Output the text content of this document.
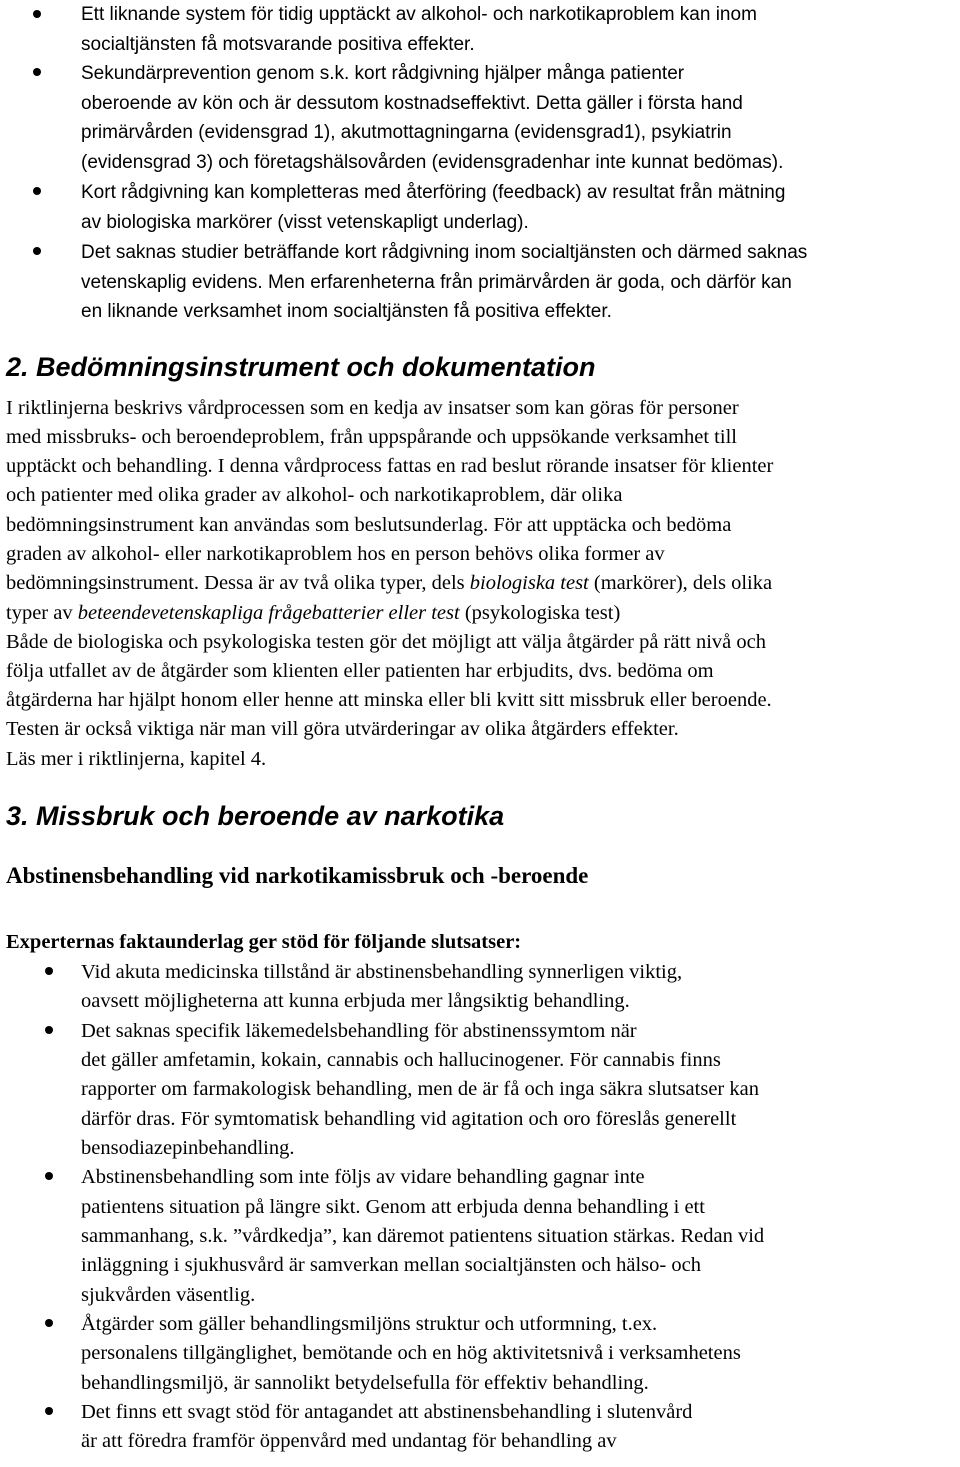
Ett liknande system för tidig upptäckt av alkohol- och narkotikaproblem kan inom
socialtjänsten få motsvarande positiva effekter.
Sekundärprevention genom s.k. kort rådgivning hjälper många patienter
oberoende av kön och är dessutom kostnadseffektivt. Detta gäller i första hand
primärvården (evidensgrad 1), akutmottagningarna (evidensgrad1), psykiatrin
(evidensgrad 3) och företagshälsovården (evidensgradenhar inte kunnat bedömas).
Kort rådgivning kan kompletteras med återföring (feedback) av resultat från mätning
av biologiska markörer (visst vetenskapligt underlag).
Det saknas studier beträffande kort rådgivning inom socialtjänsten och därmed saknas
vetenskaplig evidens. Men erfarenheterna från primärvården är goda, och därför kan
en liknande verksamhet inom socialtjänsten få positiva effekter.
2. Bedömningsinstrument och dokumentation
I riktlinjerna beskrivs vårdprocessen som en kedja av insatser som kan göras för personer
med missbruks- och beroendeproblem, från uppspårande och uppsökande verksamhet till
upptäckt och behandling. I denna vårdprocess fattas en rad beslut rörande insatser för klienter
och patienter med olika grader av alkohol- och narkotikaproblem, där olika
bedömningsinstrument kan användas som beslutsunderlag. För att upptäcka och bedöma
graden av alkohol- eller narkotikaproblem hos en person behövs olika former av
bedömningsinstrument. Dessa är av två olika typer, dels biologiska test (markörer), dels olika
typer av beteendevetenskapliga frågebatterier eller test (psykologiska test)
Både de biologiska och psykologiska testen gör det möjligt att välja åtgärder på rätt nivå och
följa utfallet av de åtgärder som klienten eller patienten har erbjudits, dvs. bedöma om
åtgärderna har hjälpt honom eller henne att minska eller bli kvitt sitt missbruk eller beroende.
Testen är också viktiga när man vill göra utvärderingar av olika åtgärders effekter.
Läs mer i riktlinjerna, kapitel 4.
3. Missbruk och beroende av narkotika
Abstinensbehandling vid narkotikamissbruk och -beroende
Experternas faktaunderlag ger stöd för följande slutsatser:
Vid akuta medicinska tillstånd är abstinensbehandling synnerligen viktig,
oavsett möjligheterna att kunna erbjuda mer långsiktig behandling.
Det saknas specifik läkemedelsbehandling för abstinenssymtom när
det gäller amfetamin, kokain, cannabis och hallucinogener. För cannabis finns
rapporter om farmakologisk behandling, men de är få och inga säkra slutsatser kan
därför dras. För symtomatisk behandling vid agitation och oro föreslås generellt
bensodiazepinbehandling.
Abstinensbehandling som inte följs av vidare behandling gagnar inte
patientens situation på längre sikt. Genom att erbjuda denna behandling i ett
sammanhang, s.k. ”vårdkedja”, kan däremot patientens situation stärkas. Redan vid
inläggning i sjukhusvård är samverkan mellan socialtjänsten och hälso- och
sjukvården väsentlig.
Åtgärder som gäller behandlingsmiljöns struktur och utformning, t.ex.
personalens tillgänglighet, bemötande och en hög aktivitetsnivå i verksamhetens
behandlingsmiljö, är sannolikt betydelsefulla för effektiv behandling.
Det finns ett svagt stöd för antagandet att abstinensbehandling i slutenvård
är att föredra framför öppenvård med undantag för behandling av
